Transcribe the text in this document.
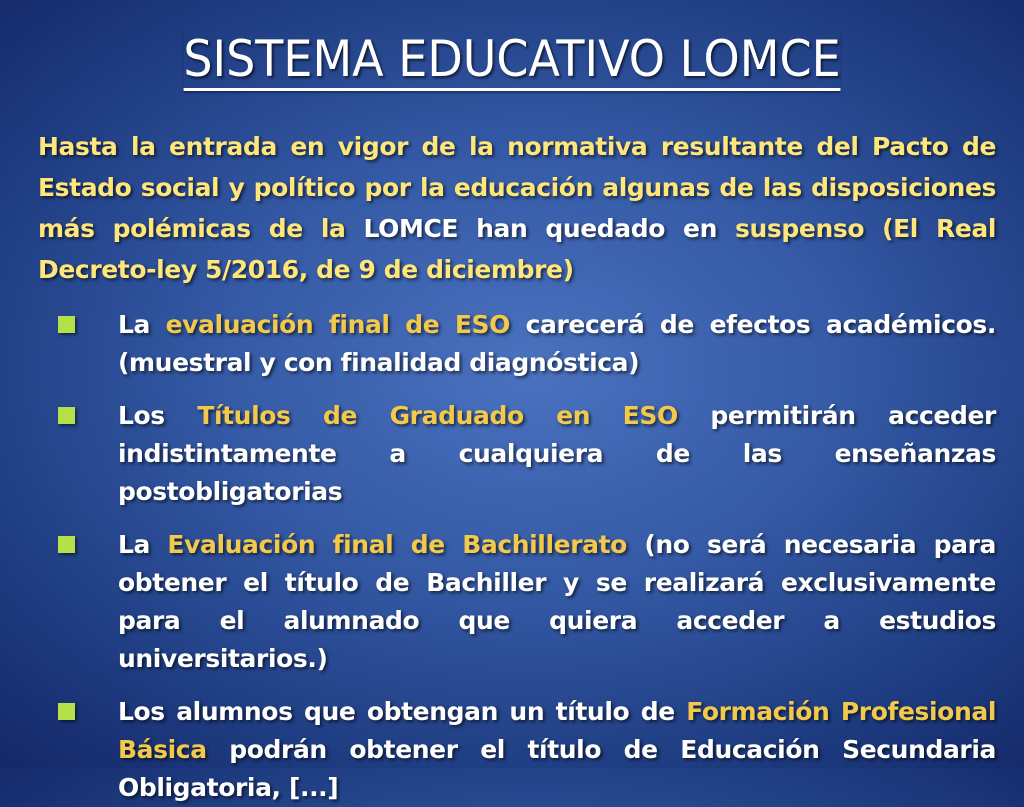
SISTEMA EDUCATIVO LOMCE
Hasta la entrada en vigor de la normativa resultante del Pacto de Estado social y político por la educación algunas de las disposiciones más polémicas de la LOMCE han quedado en suspenso (El Real Decreto-ley 5/2016, de 9 de diciembre)
La evaluación final de ESO carecerá de efectos académicos. (muestral y con finalidad diagnóstica)
Los Títulos de Graduado en ESO permitirán acceder indistintamente a cualquiera de las enseñanzas postobligatorias
La Evaluación final de Bachillerato (no será necesaria para obtener el título de Bachiller y se realizará exclusivamente para el alumnado que quiera acceder a estudios universitarios.)
Los alumnos que obtengan un título de Formación Profesional Básica podrán obtener el título de Educación Secundaria Obligatoria, [...]
